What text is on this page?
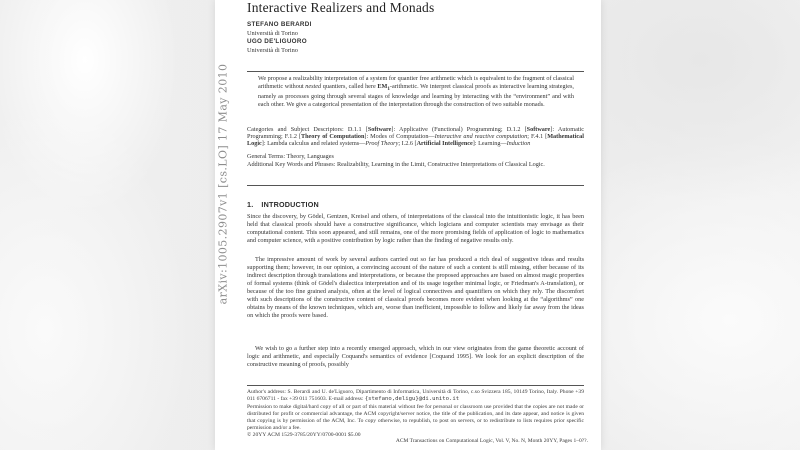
arXiv:1005.2907v1 [cs.LO] 17 May 2010
Interactive Realizers and Monads
STEFANO BERARDI
Università di Torino
UGO DE'LIGUORO
Università di Torino
We propose a realizability interpretation of a system for quantier free arithmetic which is equivalent to the fragment of classical arithmetic without nested quantiers, called here $EM_1$-arithmetic. We interpret classical proofs as interactive learning strategies, namely as processes going through several stages of knowledge and learning by interacting with the “environment” and with each other. We give a categorical presentation of the interpretation through the construction of two suitable monads.
Categories and Subject Descriptors: D.1.1 [Software]: Applicative (Functional) Programming; D.1.2 [Software]: Automatic Programming; F.1.2 [Theory of Computation]: Modes of Computation—Interactive and reactive computation; F.4.1 [Mathematical Logic]: Lambda calculus and related systems—Proof Theory; I.2.6 [Artificial Intelligence]: Learning—Induction
General Terms: Theory, Languages
Additional Key Words and Phrases: Realizability, Learning in the Limit, Constructive Interpretations of Classical Logic.
1. INTRODUCTION
Since the discovery, by Gödel, Gentzen, Kreisel and others, of interpretations of the classical into the intuitionistic logic, it has been held that classical proofs should have a constructive significance, which logicians and computer scientists may envisage as their computational content. This soon appeared, and still remains, one of the more promising fields of application of logic to mathematics and computer science, with a positive contribution by logic rather than the finding of negative results only.
The impressive amount of work by several authors carried out so far has produced a rich deal of suggestive ideas and results supporting them; however, in our opinion, a convincing account of the nature of such a content is still missing, either because of its indirect description through translations and interpretations, or because the proposed approaches are based on almost magic properties of formal systems (think of Gödel's dialectica interpretation and of its usage together minimal logic, or Friedman's A-translation), or because of the too fine grained analysis, often at the level of logical connectives and quantifiers on which they rely. The discomfort with such descriptions of the constructive content of classical proofs becomes more evident when looking at the “algorithms” one obtains by means of the known techniques, which are, worse than inefficient, impossible to follow and likely far away from the ideas on which the proofs were based.
We wish to go a further step into a recently emerged approach, which in our view originates from the game theoretic account of logic and arithmetic, and especially Coquand's semantics of evidence [Coquand 1995]. We look for an explicit description of the constructive meaning of proofs, possibly
Author's address: S. Berardi and U. de'Liguoro, Dipartimento di Informatica, Università di Torino, c.so Svizzera 185, 10149 Torino, Italy. Phone +39 011 6706711 - fax +39 011 751603. E-mail address: {stefano,deligu}@di.unito.it
Permission to make digital/hard copy of all or part of this material without fee for personal or classroom use provided that the copies are not made or distributed for profit or commercial advantage, the ACM copyright/server notice, the title of the publication, and its date appear, and notice is given that copying is by permission of the ACM, Inc. To copy otherwise, to republish, to post on servers, or to redistribute to lists requires prior specific permission and/or a fee.
© 20YY ACM 1529-3785/20YY/0700-0001 $5.00
ACM Transactions on Computational Logic, Vol. V, No. N, Month 20YY, Pages 1–0??.
